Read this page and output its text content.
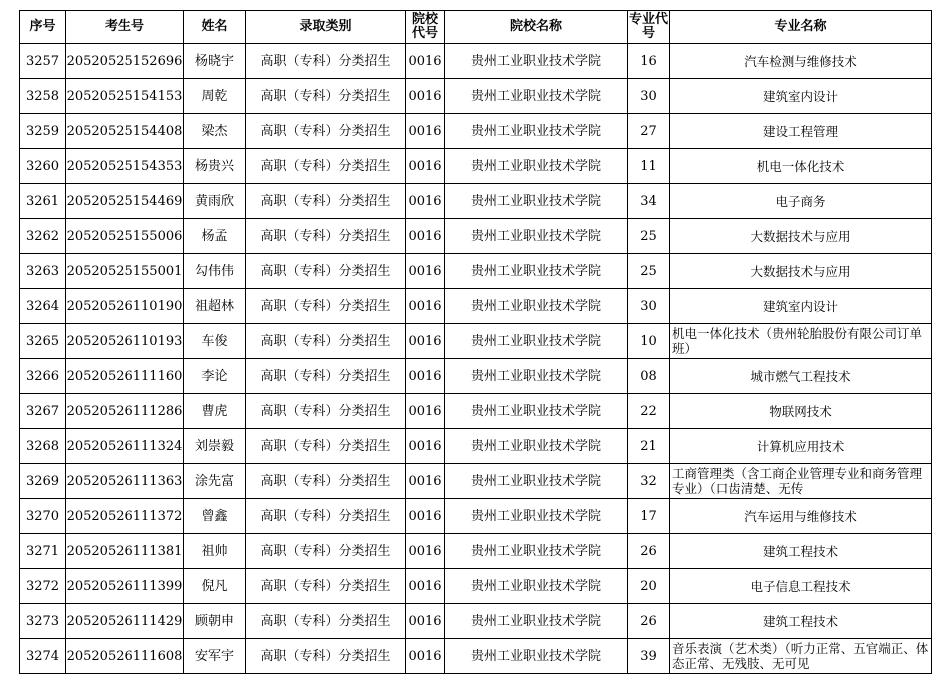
序号	考生号	姓名	录取类别	院校代号	院校名称	专业代号	专业名称
3257	20520525152696	杨晓宇	高职（专科）分类招生	0016	贵州工业职业技术学院	16	汽车检测与维修技术
3258	20520525154153	周乾	高职（专科）分类招生	0016	贵州工业职业技术学院	30	建筑室内设计
3259	20520525154408	梁杰	高职（专科）分类招生	0016	贵州工业职业技术学院	27	建设工程管理
3260	20520525154353	杨贵兴	高职（专科）分类招生	0016	贵州工业职业技术学院	11	机电一体化技术
3261	20520525154469	黄雨欣	高职（专科）分类招生	0016	贵州工业职业技术学院	34	电子商务
3262	20520525155006	杨孟	高职（专科）分类招生	0016	贵州工业职业技术学院	25	大数据技术与应用
3263	20520525155001	勾伟伟	高职（专科）分类招生	0016	贵州工业职业技术学院	25	大数据技术与应用
3264	20520526110190	祖超林	高职（专科）分类招生	0016	贵州工业职业技术学院	30	建筑室内设计
3265	20520526110193	车俊	高职（专科）分类招生	0016	贵州工业职业技术学院	10	机电一体化技术（贵州轮胎股份有限公司订单班）

3266	20520526111160	李论	高职（专科）分类招生	0016	贵州工业职业技术学院	08	城市燃气工程技术
3267	20520526111286	曹虎	高职（专科）分类招生	0016	贵州工业职业技术学院	22	物联网技术
3268	20520526111324	刘崇毅	高职（专科）分类招生	0016	贵州工业职业技术学院	21	计算机应用技术
3269	20520526111363	涂先富	高职（专科）分类招生	0016	贵州工业职业技术学院	32	工商管理类（含工商企业管理专业和商务管理专业）（口齿清楚、无传

3270	20520526111372	曾鑫	高职（专科）分类招生	0016	贵州工业职业技术学院	17	汽车运用与维修技术
3271	20520526111381	祖帅	高职（专科）分类招生	0016	贵州工业职业技术学院	26	建筑工程技术
3272	20520526111399	倪凡	高职（专科）分类招生	0016	贵州工业职业技术学院	20	电子信息工程技术
3273	20520526111429	顾朝申	高职（专科）分类招生	0016	贵州工业职业技术学院	26	建筑工程技术
3274	20520526111608	安军宇	高职（专科）分类招生	0016	贵州工业职业技术学院	39	音乐表演（艺术类）（听力正常、五官端正、体态正常、无残肢、无可见
